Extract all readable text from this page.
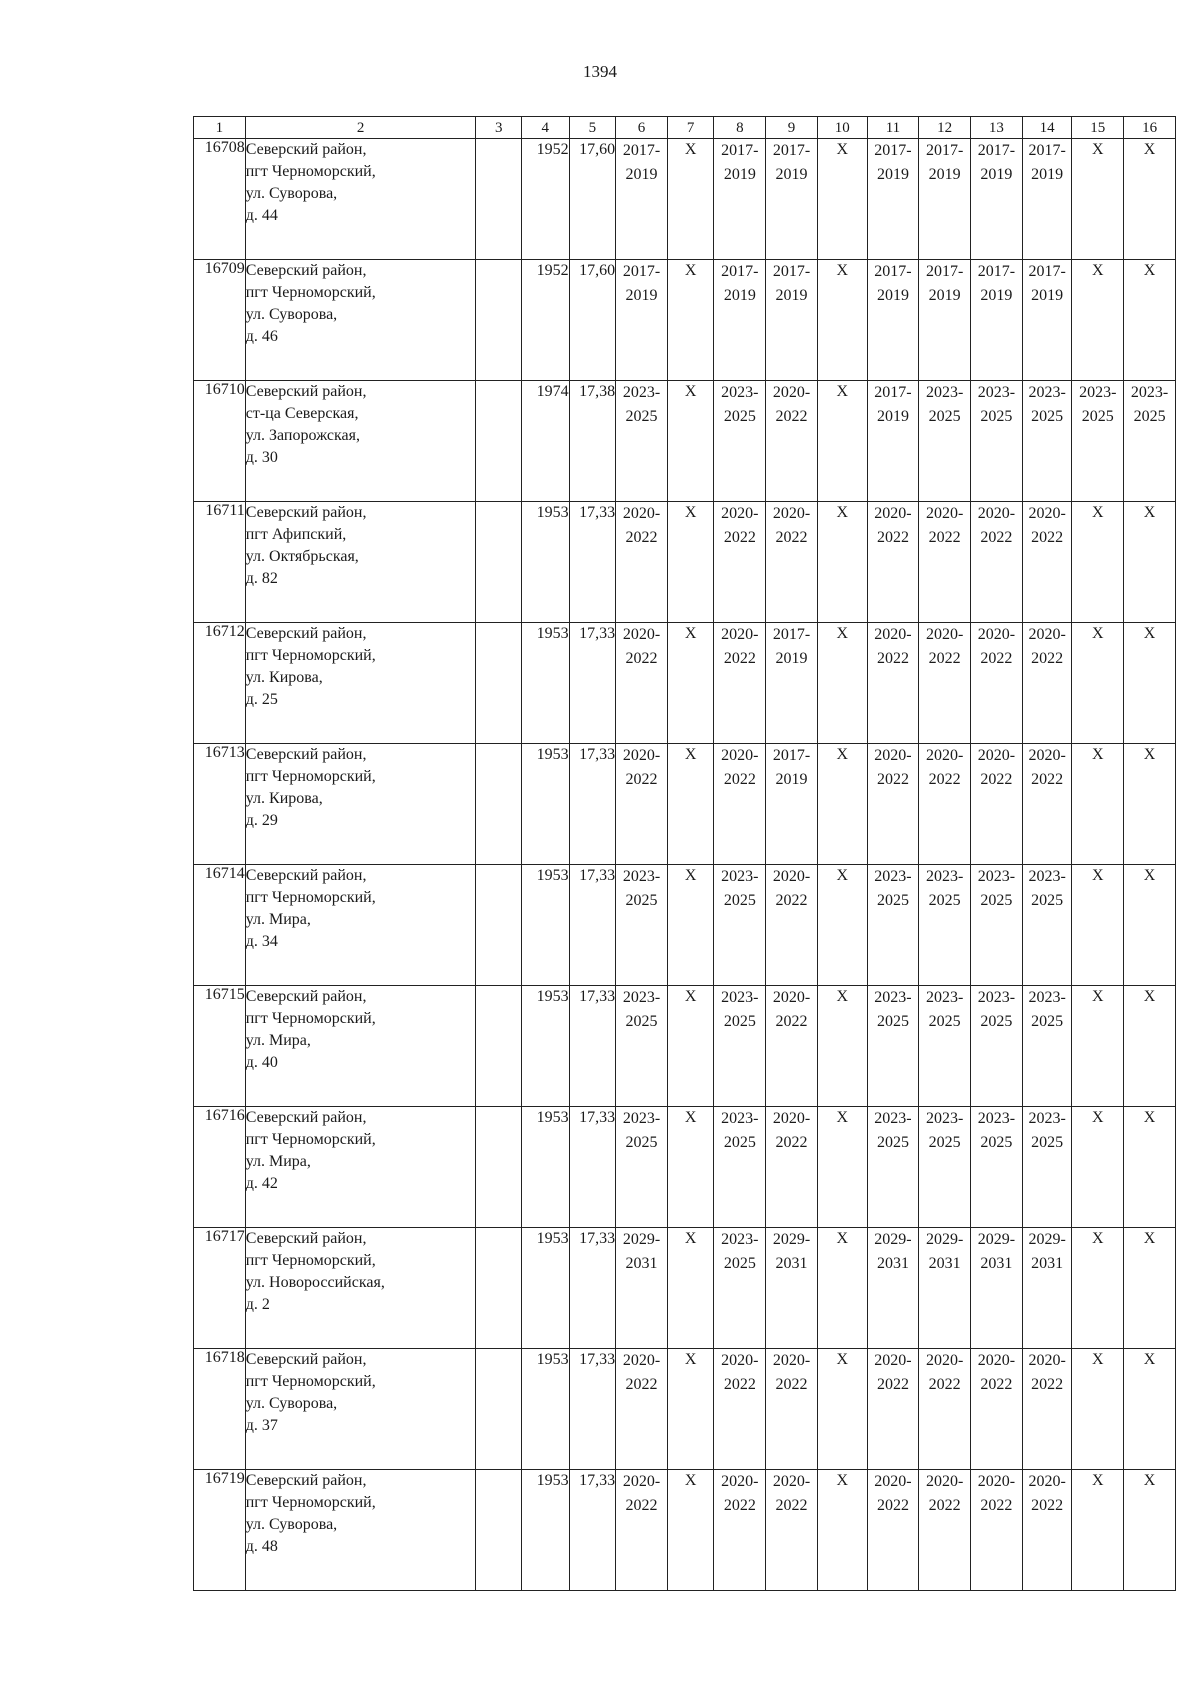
1394
1	2	3	4	5	6	7	8	9	10	11	12	13	14	15	16
16708	Северский район,
пгт Черноморский,
ул. Суворова,
д. 44		1952	17,60	2017-
2019	X	2017-
2019	2017-
2019	X	2017-
2019	2017-
2019	2017-
2019	2017-
2019	X	X
16709	Северский район,
пгт Черноморский,
ул. Суворова,
д. 46		1952	17,60	2017-
2019	X	2017-
2019	2017-
2019	X	2017-
2019	2017-
2019	2017-
2019	2017-
2019	X	X
16710	Северский район,
ст-ца Северская,
ул. Запорожская,
д. 30		1974	17,38	2023-
2025	X	2023-
2025	2020-
2022	X	2017-
2019	2023-
2025	2023-
2025	2023-
2025	2023-
2025	2023-
2025

16711	Северский район,
пгт Афипский,
ул. Октябрьская,
д. 82		1953	17,33	2020-
2022	X	2020-
2022	2020-
2022	X	2020-
2022	2020-
2022	2020-
2022	2020-
2022	X	X
16712	Северский район,
пгт Черноморский,
ул. Кирова,
д. 25		1953	17,33	2020-
2022	X	2020-
2022	2017-
2019	X	2020-
2022	2020-
2022	2020-
2022	2020-
2022	X	X
16713	Северский район,
пгт Черноморский,
ул. Кирова,
д. 29		1953	17,33	2020-
2022	X	2020-
2022	2017-
2019	X	2020-
2022	2020-
2022	2020-
2022	2020-
2022	X	X
16714	Северский район,
пгт Черноморский,
ул. Мира,
д. 34		1953	17,33	2023-
2025	X	2023-
2025	2020-
2022	X	2023-
2025	2023-
2025	2023-
2025	2023-
2025	X	X
16715	Северский район,
пгт Черноморский,
ул. Мира,
д. 40		1953	17,33	2023-
2025	X	2023-
2025	2020-
2022	X	2023-
2025	2023-
2025	2023-
2025	2023-
2025	X	X
16716	Северский район,
пгт Черноморский,
ул. Мира,
д. 42		1953	17,33	2023-
2025	X	2023-
2025	2020-
2022	X	2023-
2025	2023-
2025	2023-
2025	2023-
2025	X	X
16717	Северский район,
пгт Черноморский,
ул. Новороссийская,
д. 2		1953	17,33	2029-
2031	X	2023-
2025	2029-
2031	X	2029-
2031	2029-
2031	2029-
2031	2029-
2031	X	X
16718	Северский район,
пгт Черноморский,
ул. Суворова,
д. 37		1953	17,33	2020-
2022	X	2020-
2022	2020-
2022	X	2020-
2022	2020-
2022	2020-
2022	2020-
2022	X	X
16719	Северский район,
пгт Черноморский,
ул. Суворова,
д. 48		1953	17,33	2020-
2022	X	2020-
2022	2020-
2022	X	2020-
2022	2020-
2022	2020-
2022	2020-
2022	X	X
